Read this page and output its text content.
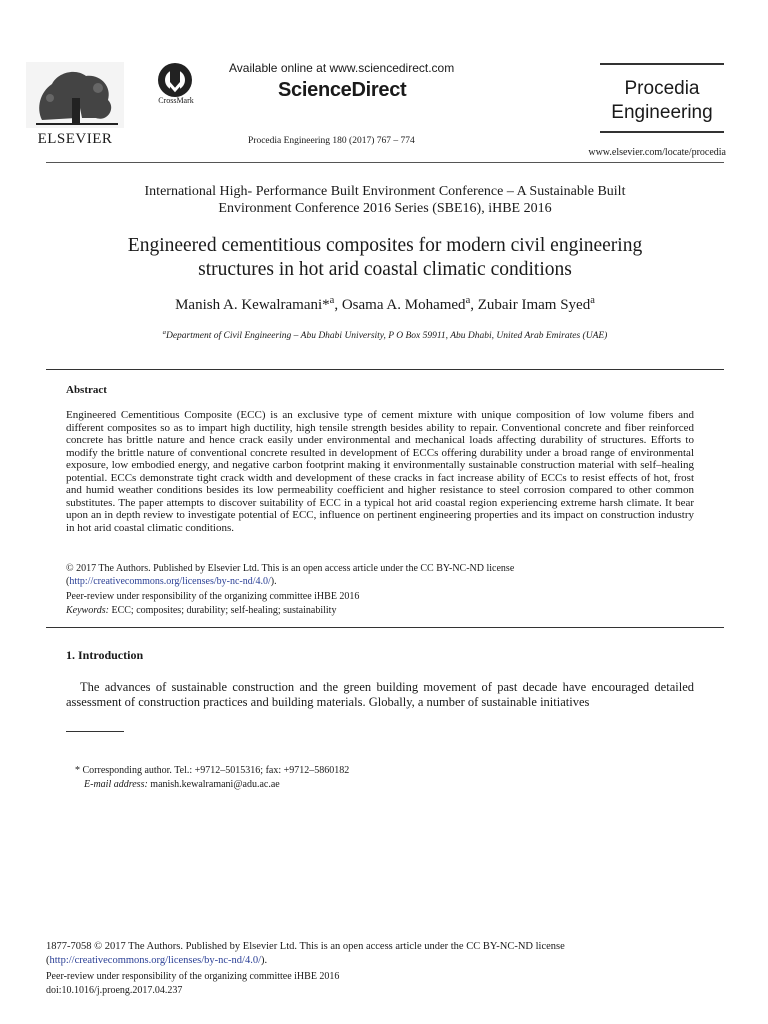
ELSEVIER
CrossMark
Available online at www.sciencedirect.com
ScienceDirect
Procedia Engineering 180 (2017) 767 – 774
Procedia
Engineering
www.elsevier.com/locate/procedia
International High- Performance Built Environment Conference – A Sustainable Built
Environment Conference 2016 Series (SBE16), iHBE 2016
Engineered cementitious composites for modern civil engineering
structures in hot arid coastal climatic conditions
Manish A. Kewalramani*$^a$, Osama A. Mohamed$^a$, Zubair Imam Syed$^a$
$^a$Department of Civil Engineering – Abu Dhabi University, P O Box 59911, Abu Dhabi, United Arab Emirates (UAE)
Abstract
Engineered Cementitious Composite (ECC) is an exclusive type of cement mixture with unique composition of low volume fibers and different composites so as to impart high ductility, high tensile strength besides ability to repair. Conventional concrete and fiber reinforced concrete has brittle nature and hence crack easily under environmental and mechanical loads affecting durability of structures. Efforts to modify the brittle nature of conventional concrete resulted in development of ECCs offering durability under a broad range of environmental exposure, low embodied energy, and negative carbon footprint making it environmentally sustainable construction material with self–healing potential. ECCs demonstrate tight crack width and development of these cracks in fact increase ability of ECCs to resist effects of hot, frost and humid weather conditions besides its low permeability coefficient and higher resistance to steel corrosion compared to other common substitutes. The paper attempts to discover suitability of ECC in a typical hot arid coastal region experiencing extreme harsh climate. It bear upon an in depth review to investigate potential of ECC, influence on pertinent engineering properties and its impact on construction industry in hot arid coastal climatic conditions.
© 2017 The Authors. Published by Elsevier Ltd. This is an open access article under the CC BY-NC-ND license
(http://creativecommons.org/licenses/by-nc-nd/4.0/).
Peer-review under responsibility of the organizing committee iHBE 2016
Keywords: ECC; composites; durability; self-healing; sustainability
1. Introduction
The advances of sustainable construction and the green building movement of past decade have encouraged detailed assessment of construction practices and building materials. Globally, a number of sustainable initiatives
* Corresponding author. Tel.: +9712–5015316; fax: +9712–5860182
E-mail address: manish.kewalramani@adu.ac.ae
1877-7058 © 2017 The Authors. Published by Elsevier Ltd. This is an open access article under the CC BY-NC-ND license
(http://creativecommons.org/licenses/by-nc-nd/4.0/).
Peer-review under responsibility of the organizing committee iHBE 2016
doi:10.1016/j.proeng.2017.04.237
